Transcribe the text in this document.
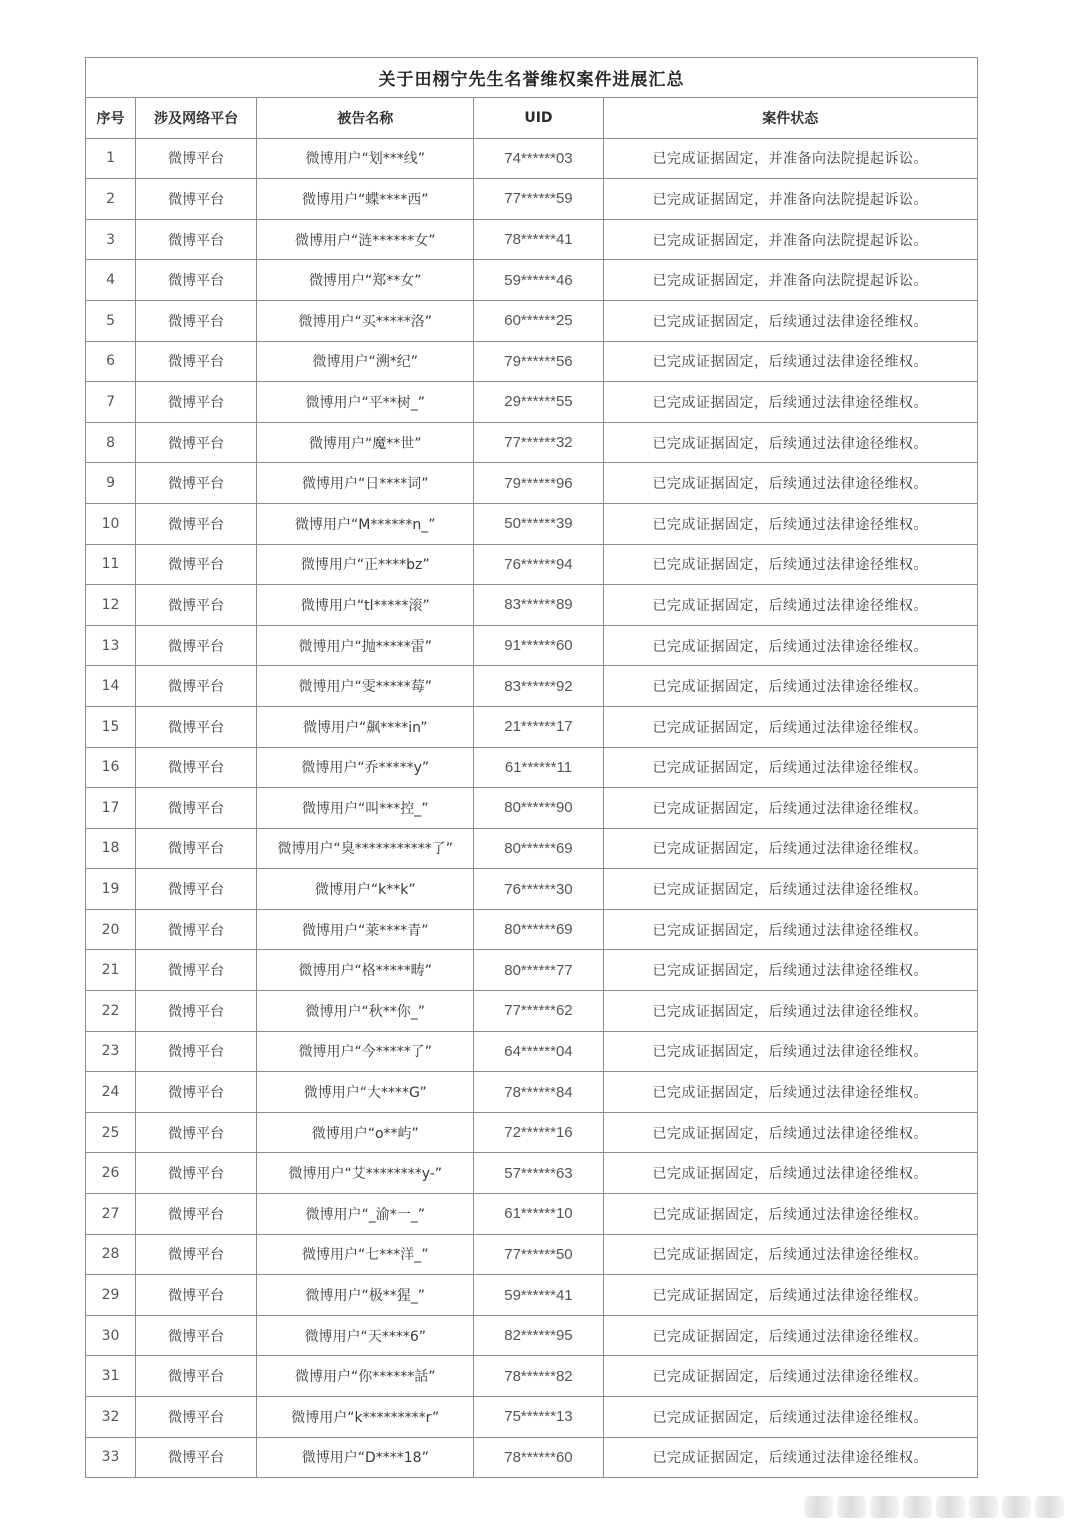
关于田栩宁先生名誉维权案件进展汇总				
序号	涉及网络平台	被告名称	UID	案件状态
1	微博平台	微博用户“划***线”	74******03	已完成证据固定，并准备向法院提起诉讼。
2	微博平台	微博用户“蝶****西”	77******59	已完成证据固定，并准备向法院提起诉讼。
3	微博平台	微博用户“涟******女”	78******41	已完成证据固定，并准备向法院提起诉讼。
4	微博平台	微博用户“郑**女”	59******46	已完成证据固定，并准备向法院提起诉讼。
5	微博平台	微博用户“买*****洛”	60******25	已完成证据固定，后续通过法律途径维权。
6	微博平台	微博用户“溯*纪”	79******56	已完成证据固定，后续通过法律途径维权。
7	微博平台	微博用户“平**树_”	29******55	已完成证据固定，后续通过法律途径维权。
8	微博平台	微博用户“魔**世”	77******32	已完成证据固定，后续通过法律途径维权。
9	微博平台	微博用户“日****词”	79******96	已完成证据固定，后续通过法律途径维权。
10	微博平台	微博用户“M******n_”	50******39	已完成证据固定，后续通过法律途径维权。
11	微博平台	微博用户“正****bz”	76******94	已完成证据固定，后续通过法律途径维权。
12	微博平台	微博用户“tl*****滚”	83******89	已完成证据固定，后续通过法律途径维权。
13	微博平台	微博用户“抛*****雷”	91******60	已完成证据固定，后续通过法律途径维权。
14	微博平台	微博用户“雯*****莓”	83******92	已完成证据固定，后续通过法律途径维权。
15	微博平台	微博用户“飙****in”	21******17	已完成证据固定，后续通过法律途径维权。
16	微博平台	微博用户“乔*****y”	61******11	已完成证据固定，后续通过法律途径维权。
17	微博平台	微博用户“叫***控_”	80******90	已完成证据固定，后续通过法律途径维权。
18	微博平台	微博用户“臭***********了”	80******69	已完成证据固定，后续通过法律途径维权。
19	微博平台	微博用户“k**k”	76******30	已完成证据固定，后续通过法律途径维权。
20	微博平台	微博用户“莱****青”	80******69	已完成证据固定，后续通过法律途径维权。
21	微博平台	微博用户“格*****畴”	80******77	已完成证据固定，后续通过法律途径维权。
22	微博平台	微博用户“秋**你_”	77******62	已完成证据固定，后续通过法律途径维权。
23	微博平台	微博用户“今*****了”	64******04	已完成证据固定，后续通过法律途径维权。
24	微博平台	微博用户“大****G”	78******84	已完成证据固定，后续通过法律途径维权。
25	微博平台	微博用户“o**屿”	72******16	已完成证据固定，后续通过法律途径维权。
26	微博平台	微博用户“艾********y-”	57******63	已完成证据固定，后续通过法律途径维权。
27	微博平台	微博用户“_渝*一_”	61******10	已完成证据固定，后续通过法律途径维权。
28	微博平台	微博用户“七***洋_”	77******50	已完成证据固定，后续通过法律途径维权。
29	微博平台	微博用户“极**猩_”	59******41	已完成证据固定，后续通过法律途径维权。
30	微博平台	微博用户“天****6”	82******95	已完成证据固定，后续通过法律途径维权。
31	微博平台	微博用户“你******話”	78******82	已完成证据固定，后续通过法律途径维权。
32	微博平台	微博用户“k*********r”	75******13	已完成证据固定，后续通过法律途径维权。
33	微博平台	微博用户“D****18”	78******60	已完成证据固定，后续通过法律途径维权。
